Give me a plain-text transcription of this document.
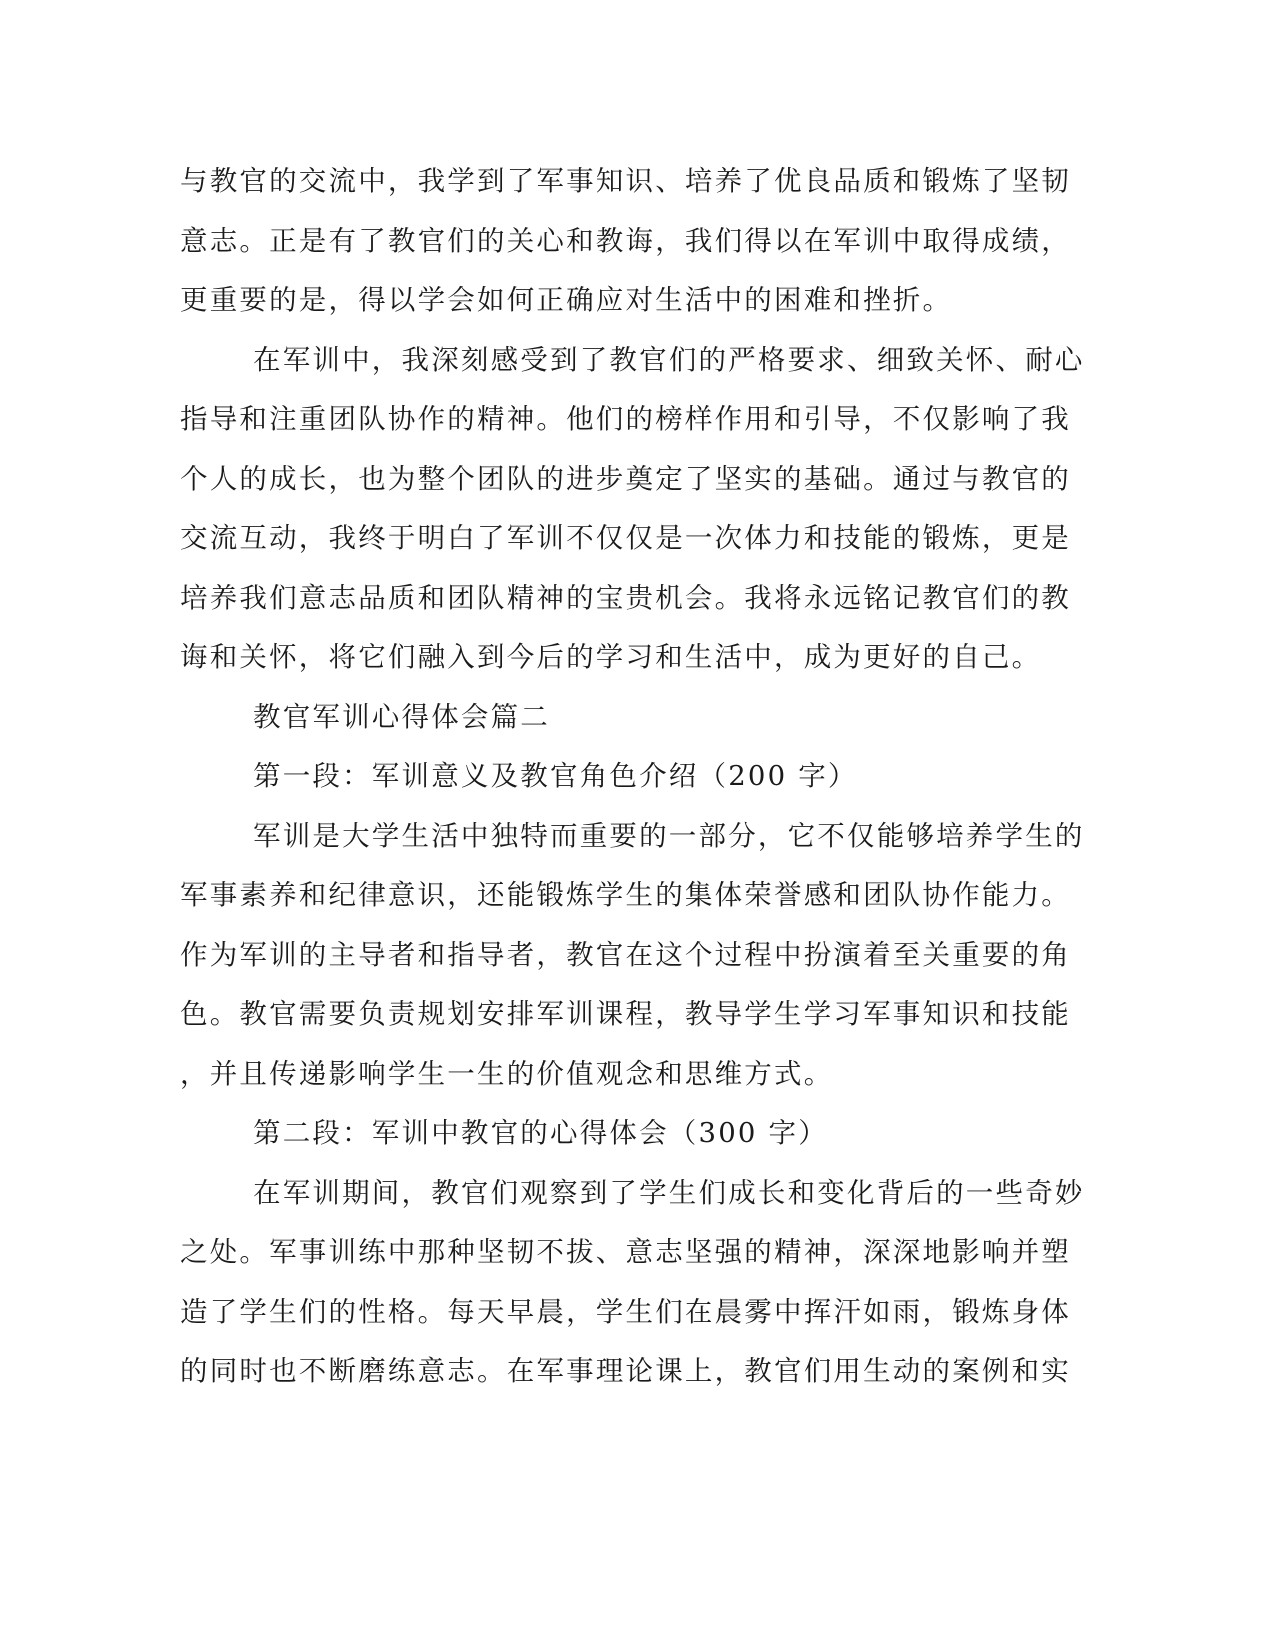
与教官的交流中，我学到了军事知识、培养了优良品质和锻炼了坚韧
意志。正是有了教官们的关心和教诲，我们得以在军训中取得成绩，
更重要的是，得以学会如何正确应对生活中的困难和挫折。
在军训中，我深刻感受到了教官们的严格要求、细致关怀、耐心
指导和注重团队协作的精神。他们的榜样作用和引导，不仅影响了我
个人的成长，也为整个团队的进步奠定了坚实的基础。通过与教官的
交流互动，我终于明白了军训不仅仅是一次体力和技能的锻炼，更是
培养我们意志品质和团队精神的宝贵机会。我将永远铭记教官们的教
诲和关怀，将它们融入到今后的学习和生活中，成为更好的自己。
教官军训心得体会篇二
第一段：军训意义及教官角色介绍（200 字）
军训是大学生活中独特而重要的一部分，它不仅能够培养学生的
军事素养和纪律意识，还能锻炼学生的集体荣誉感和团队协作能力。
作为军训的主导者和指导者，教官在这个过程中扮演着至关重要的角
色。教官需要负责规划安排军训课程，教导学生学习军事知识和技能
，并且传递影响学生一生的价值观念和思维方式。
第二段：军训中教官的心得体会（300 字）
在军训期间，教官们观察到了学生们成长和变化背后的一些奇妙
之处。军事训练中那种坚韧不拔、意志坚强的精神，深深地影响并塑
造了学生们的性格。每天早晨，学生们在晨雾中挥汗如雨，锻炼身体
的同时也不断磨练意志。在军事理论课上，教官们用生动的案例和实
